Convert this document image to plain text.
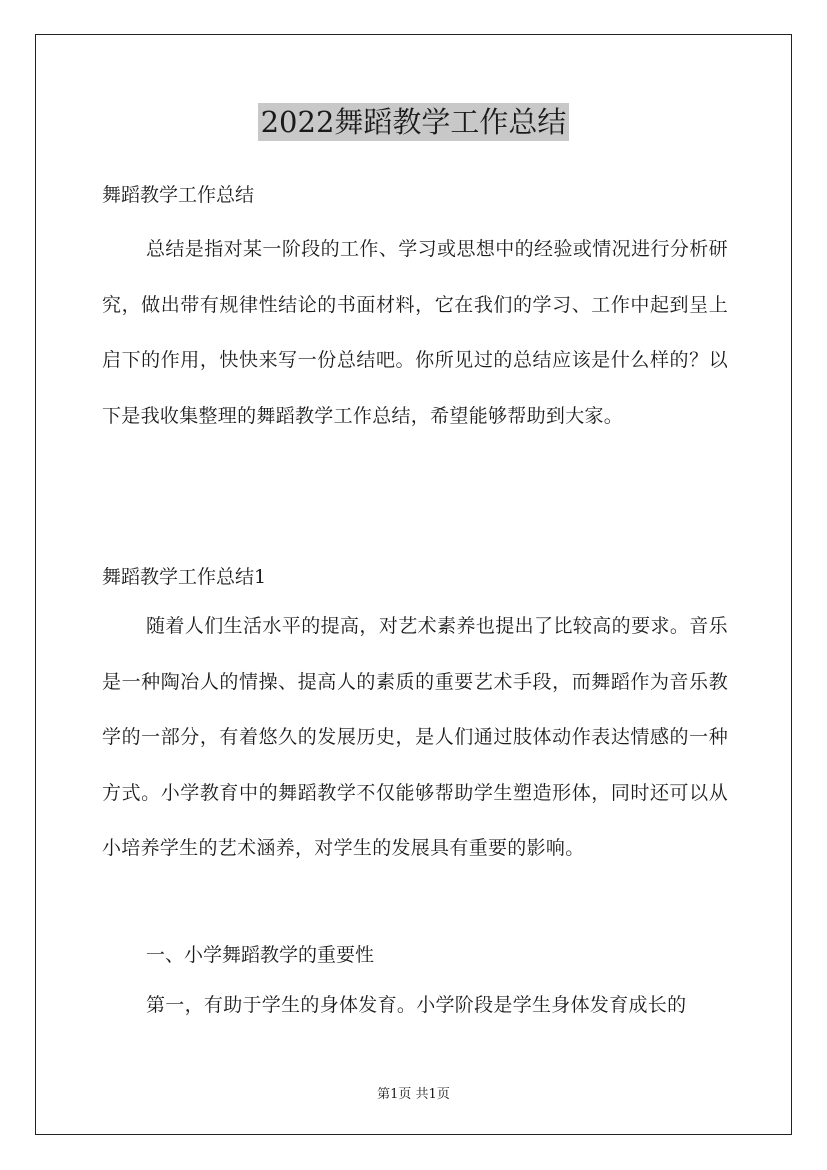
2022舞蹈教学工作总结

舞蹈教学工作总结

总结是指对某一阶段的工作、学习或思想中的经验或情况进行分析研究，做出带有规律性结论的书面材料，它在我们的学习、工作中起到呈上启下的作用，快快来写一份总结吧。你所见过的总结应该是什么样的？以下是我收集整理的舞蹈教学工作总结，希望能够帮助到大家。

舞蹈教学工作总结1

随着人们生活水平的提高，对艺术素养也提出了比较高的要求。音乐是一种陶冶人的情操、提高人的素质的重要艺术手段，而舞蹈作为音乐教学的一部分，有着悠久的发展历史，是人们通过肢体动作表达情感的一种方式。小学教育中的舞蹈教学不仅能够帮助学生塑造形体，同时还可以从小培养学生的艺术涵养，对学生的发展具有重要的影响。

一、小学舞蹈教学的重要性

第一，有助于学生的身体发育。小学阶段是学生身体发育成长的

第1页 共1页
